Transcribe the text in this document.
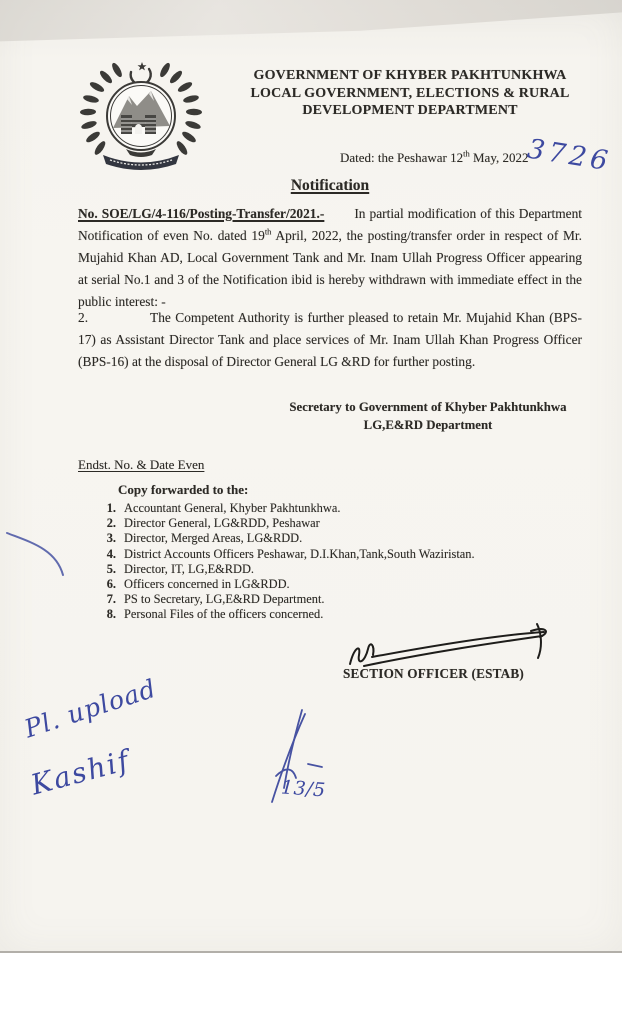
GOVERNMENT OF KHYBER PAKHTUNKHWA
LOCAL GOVERNMENT, ELECTIONS & RURAL
DEVELOPMENT DEPARTMENT
Dated: the Peshawar 12th May, 2022
3726
Notification
No. SOE/LG/4-116/Posting-Transfer/2021.- In partial modification of this Department Notification of even No. dated 19th April, 2022, the posting/transfer order in respect of Mr. Mujahid Khan AD, Local Government Tank and Mr. Inam Ullah Progress Officer appearing at serial No.1 and 3 of the Notification ibid is hereby withdrawn with immediate effect in the public interest: -
2.	The Competent Authority is further pleased to retain Mr. Mujahid Khan (BPS-17) as Assistant Director Tank and place services of Mr. Inam Ullah Khan Progress Officer (BPS-16) at the disposal of Director General LG &RD for further posting.
Secretary to Government of Khyber Pakhtunkhwa
LG,E&RD Department
Endst. No. & Date Even
Copy forwarded to the:
1. Accountant General, Khyber Pakhtunkhwa.
2. Director General, LG&RDD, Peshawar
3. Director, Merged Areas, LG&RDD.
4. District Accounts Officers Peshawar, D.I.Khan,Tank,South Waziristan.
5. Director, IT, LG,E&RDD.
6. Officers concerned in LG&RDD.
7. PS to Secretary, LG,E&RD Department.
8. Personal Files of the officers concerned.
SECTION OFFICER (ESTAB)
Pl. upload
Kashif	13/5
